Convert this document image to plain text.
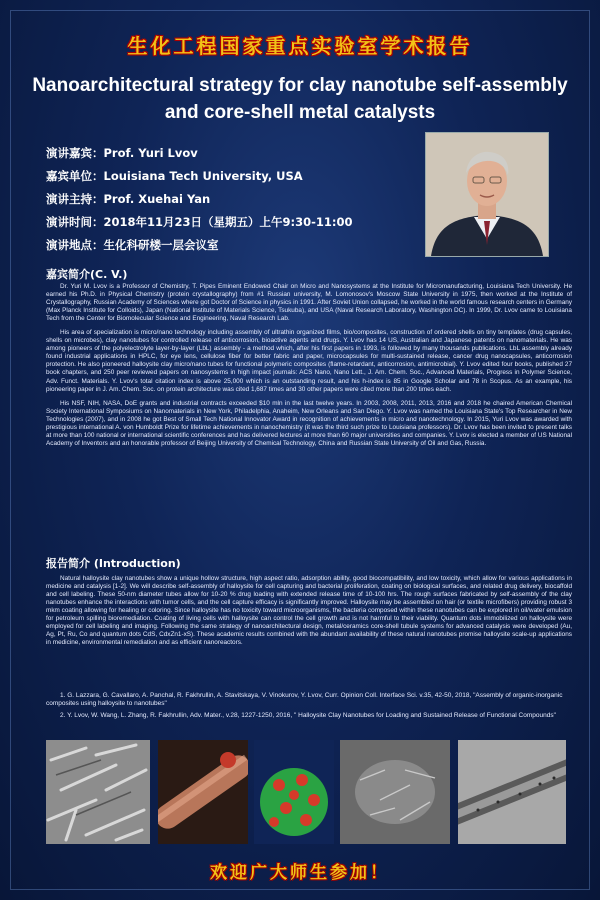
生化工程国家重点实验室学术报告
Nanoarchitectural strategy for clay nanotube self-assembly
and core-shell metal catalysts
演讲嘉宾：Prof. Yuri Lvov
嘉宾单位：Louisiana Tech University, USA
演讲主持：Prof. Xuehai Yan
演讲时间：2018年11月23日（星期五）上午9:30-11:00
演讲地点：生化科研楼一层会议室
嘉宾简介(C. V.)

Dr. Yuri M. Lvov is a Professor of Chemistry, T. Pipes Eminent Endowed Chair on Micro and Nanosystems at the Institute for Micromanufacturing, Louisiana Tech University. He earned his Ph.D. in Physical Chemistry (protein crystallography) from #1 Russian university, M. Lomonosov's Moscow State University in 1975, then worked at the Institute of Crystallography, Russian Academy of Sciences where got Doctor of Science in physics in 1991. After Soviet Union collapsed, he worked in the world famous research centers in Germany (Max Planck Institute for Colloids), Japan (National Institute of Materials Science, Tsukuba), and USA (Naval Research Laboratory, Washington DC). In 1999, Dr. Lvov came to Louisiana Tech from the Center for Biomolecular Science and Engineering, Naval Research Lab.

His area of specialization is micro/nano technology including assembly of ultrathin organized films, bio/composites, construction of ordered shells on tiny templates (drug capsules, shells on microbes), clay nanotubes for controlled release of anticorrosion, bioactive agents and drugs. Y. Lvov has 14 US, Australian and Japanese patents on nanomaterials. He was among pioneers of the polyelectrolyte layer-by-layer (LbL) assembly - a method which, after his first papers in 1993, is followed by many thousands publications. LbL assembly already found industrial applications in HPLC, for eye lens, cellulose fiber for better fabric and paper, microcapsules for multi-sustained release, cancer drug nanocapsules, anticorrosion protection. He also pioneered halloysite clay micro/nano tubes for functional polymeric composites (flame-retardant, anticorrosion, antimicrobial). Y. Lvov edited four books, published 27 book chapters, and 250 peer reviewed papers on nanosystems in high impact journals: ACS Nano, Nano Lett., J. Am. Chem. Soc., Advanced Materials, Progress in Polymer Science, Adv. Funct. Materials. Y. Lvov's total citation index is above 25,000 which is an outstanding result, and his h-index is 85 in Google Scholar and 78 in Scopus. As an example, his pioneering paper in J. Am. Chem. Soc. on protein architecture was cited 1,687 times and 30 other papers were cited more than 200 times each.

His NSF, NIH, NASA, DoE grants and industrial contracts exceeded $10 mln in the last twelve years. In 2003, 2008, 2011, 2013, 2016 and 2018 he chaired American Chemical Society International Symposiums on Nanomaterials in New York, Philadelphia, Anaheim, New Orleans and San Diego. Y. Lvov was named the Louisiana State's Top Researcher in New Technologies (2007), and in 2008 he got Best of Small Tech National Innovator Award in recognition of achievements in micro and nanotechnology. In 2015, Yuri Lvov was awarded with prestigious international A. von Humboldt Prize for lifetime achievements in nanochemistry (it was the third such prize to Louisiana professors). Dr. Lvov has been invited to present talks at more than 100 national or international scientific conferences and has delivered lectures at more than 60 major universities and companies. Y. Lvov is elected a member of US National Academy of Inventors and an honorable professor of Beijing University of Chemical Technology, China and Russian State University of Oil and Gas, Russia.

报告简介 (Introduction)

Natural halloysite clay nanotubes show a unique hollow structure, high aspect ratio, adsorption ability, good biocompatibility, and low toxicity, which allow for various applications in medicine and catalysis [1-2]. We will describe self-assembly of halloysite for cell capturing and bacterial proliferation, coating on biological surfaces, and related drug delivery, biocaffold and cell labeling. These 50-nm diameter tubes allow for 10-20 % drug loading with extended release time of 10-100 hrs. The rough surfaces fabricated by self-assembly of the clay nanotubes enhance the interactions with tumor cells, and the cell capture efficacy is significantly improved. Halloysite may be assembled on hair (or textile microfibers) providing robust 3 mkm coating allowing for healing or coloring. Since halloysite has no toxicity toward microorganisms, the bacteria composed within these nanotubes can be explored in oil/water emulsion for petroleum spilling bioremediation. Coating of living cells with halloysite can control the cell growth and is not harmful to their viability. Quantum dots immobilized on halloysite were employed for cell labeling and imaging. Following the same strategy of nanoarchitectural design, metal/ceramics core-shell tubule systems for advanced catalysis were developed (Au, Ag, Pt, Ru, Co and quantum dots CdS, CdxZn1-xS). These academic results combined with the abundant availability of these natural nanotubes promise halloysite scale-up applications in medicine, environmental remediation and as efficient nanoreactors.

1. G. Lazzara, G. Cavallaro, A. Panchal, R. Fakhrullin, A. Stavitskaya, V. Vinokurov, Y. Lvov, Curr. Opinion Coll. Interface Sci. v.35, 42-50, 2018, "Assembly of organic-inorganic composites using halloysite to nanotubes"

2. Y. Lvov, W. Wang, L. Zhang, R. Fakhrullin, Adv. Mater., v.28, 1227-1250, 2016, " Halloysite Clay Nanotubes for Loading and Sustained Release of Functional Compounds"

欢迎广大师生参加！
